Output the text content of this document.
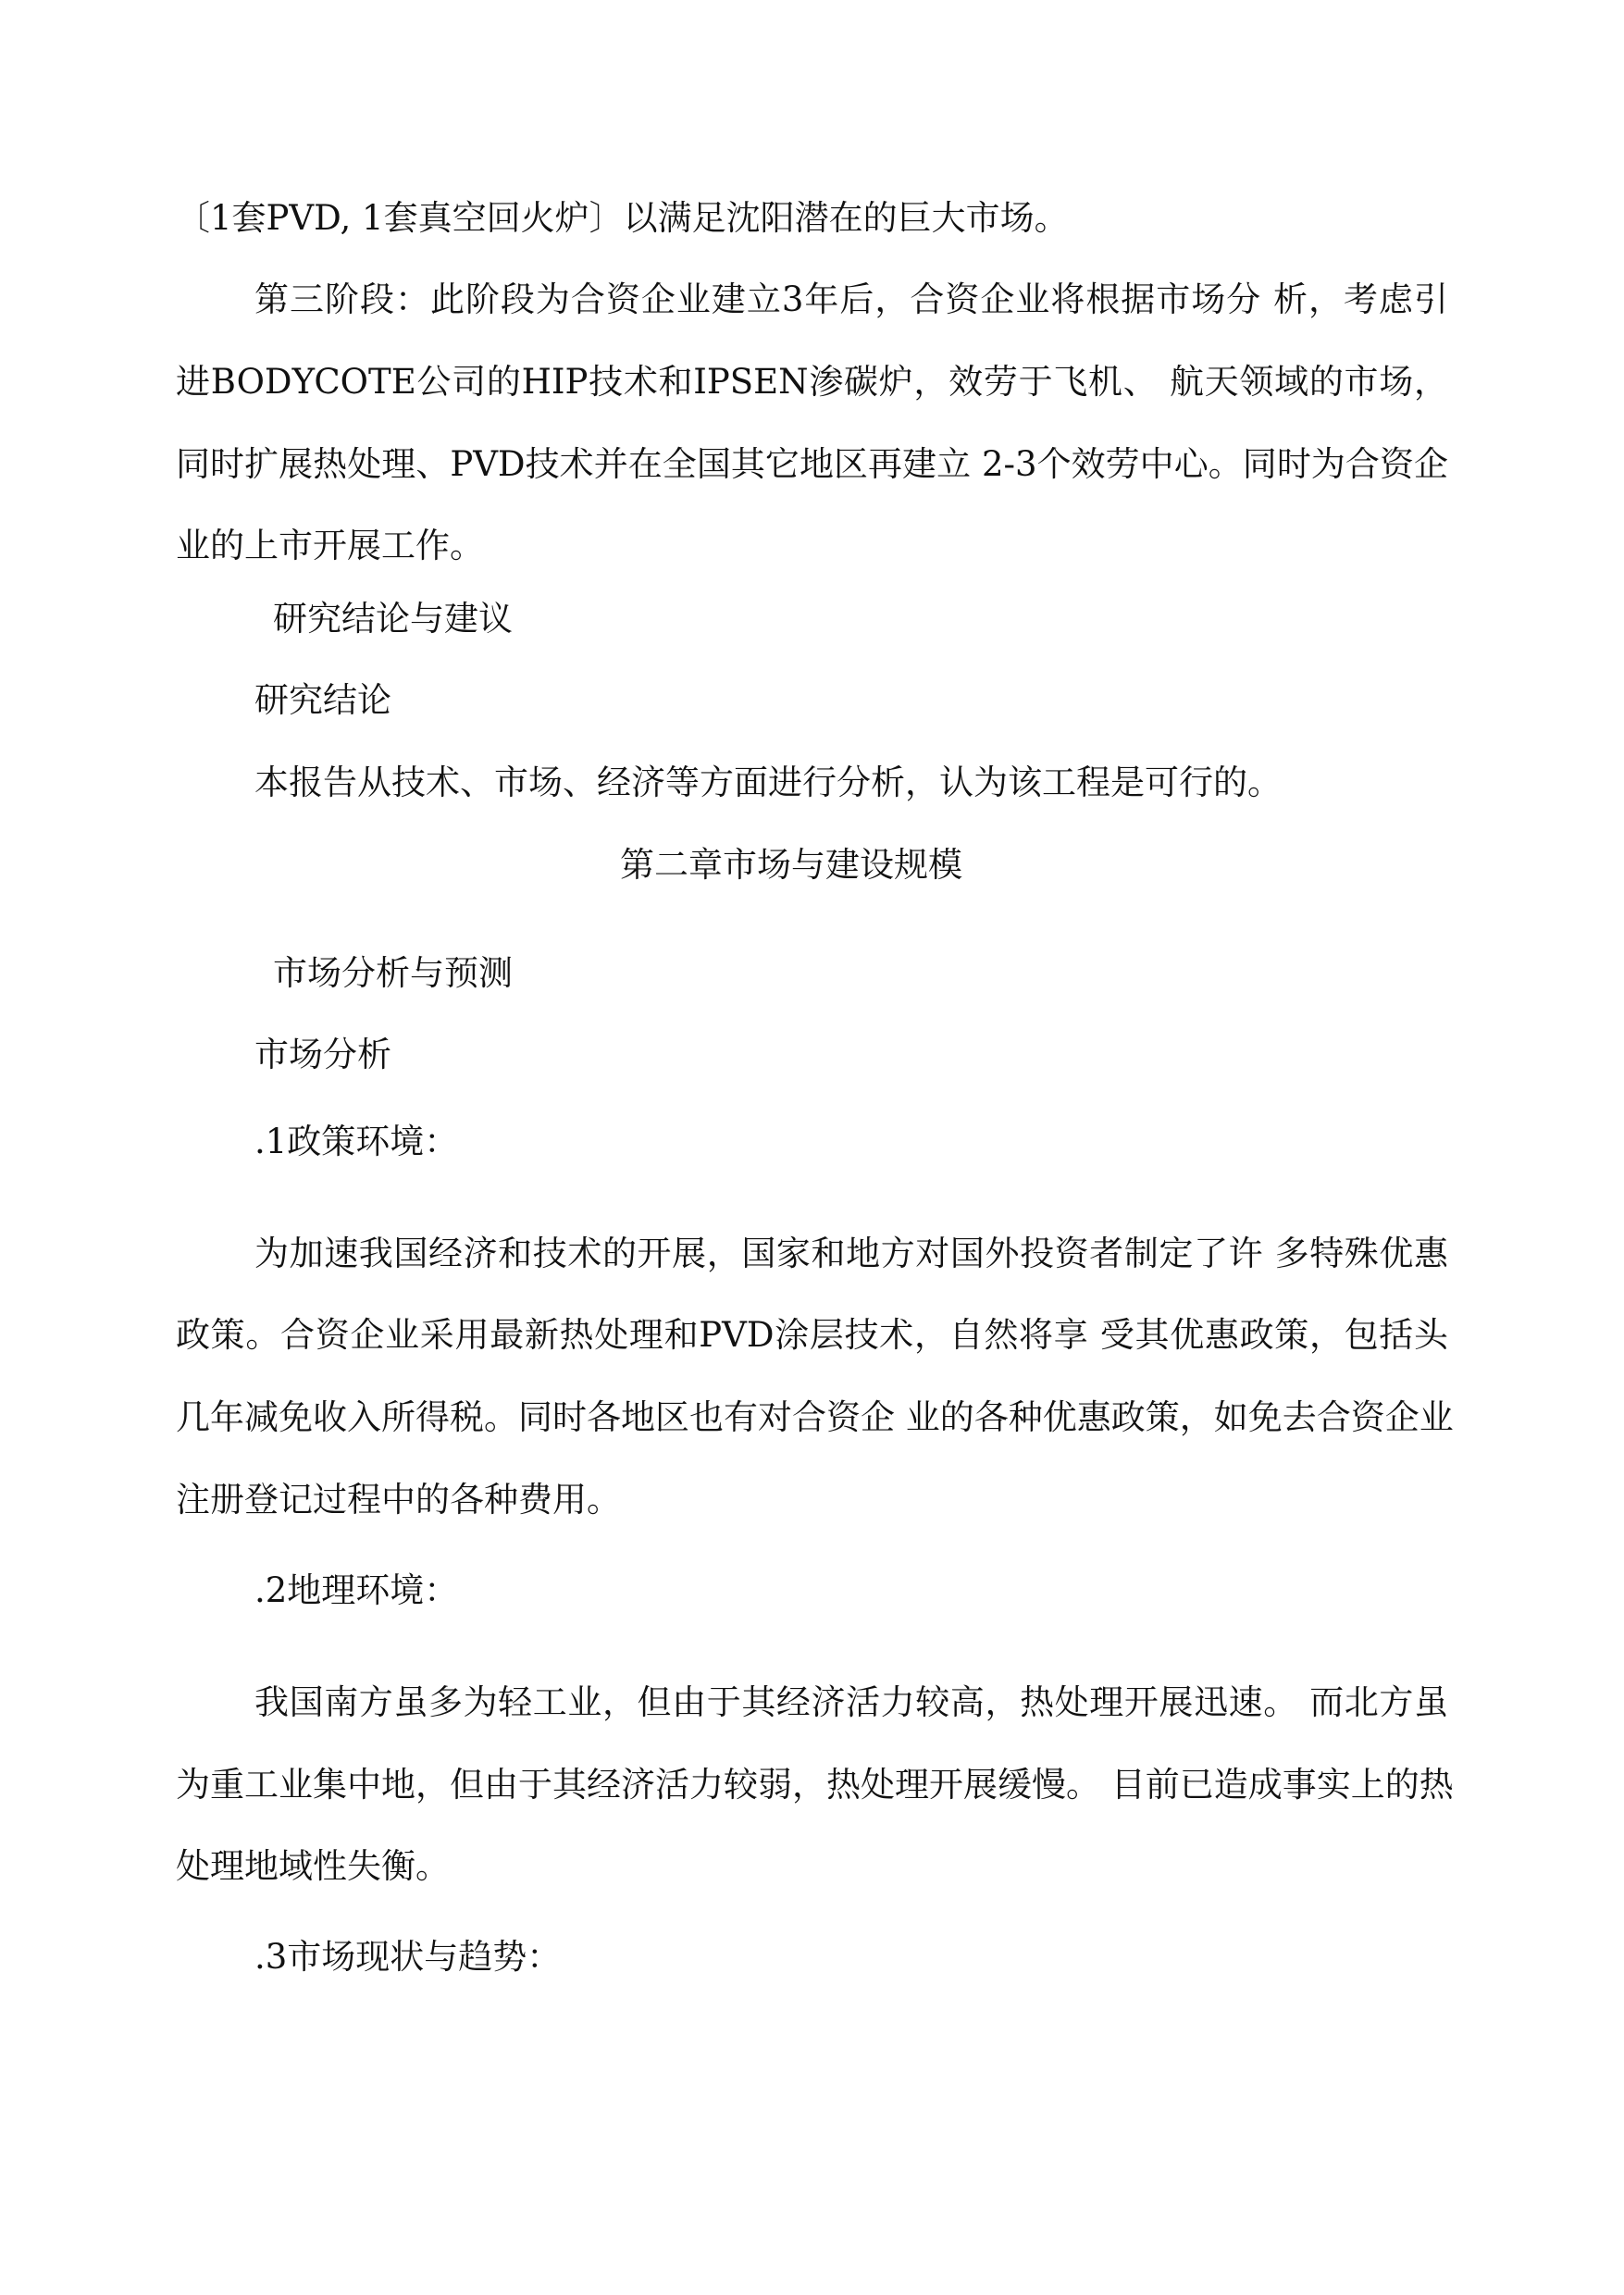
〔1套PVD, 1套真空回火炉〕以满足沈阳潜在的巨大市场。

第三阶段：此阶段为合资企业建立3年后，合资企业将根据市场分 析，考虑引

进BODYCOTE公司的HIP技术和IPSEN渗碳炉，效劳于飞机、 航天领域的市场，

同时扩展热处理、PVD技术并在全国其它地区再建立 2-3个效劳中心。同时为合资企

业的上市开展工作。

研究结论与建议

研究结论

本报告从技术、市场、经济等方面进行分析，认为该工程是可行的。

第二章市场与建设规模

市场分析与预测

市场分析

.1政策环境：

为加速我国经济和技术的开展，国家和地方对国外投资者制定了许 多特殊优惠

政策。合资企业采用最新热处理和PVD涂层技术，自然将享 受其优惠政策，包括头

几年减免收入所得税。同时各地区也有对合资企 业的各种优惠政策，如免去合资企业

注册登记过程中的各种费用。

.2地理环境：

我国南方虽多为轻工业，但由于其经济活力较高，热处理开展迅速。 而北方虽

为重工业集中地，但由于其经济活力较弱，热处理开展缓慢。 目前已造成事实上的热

处理地域性失衡。

.3市场现状与趋势：
